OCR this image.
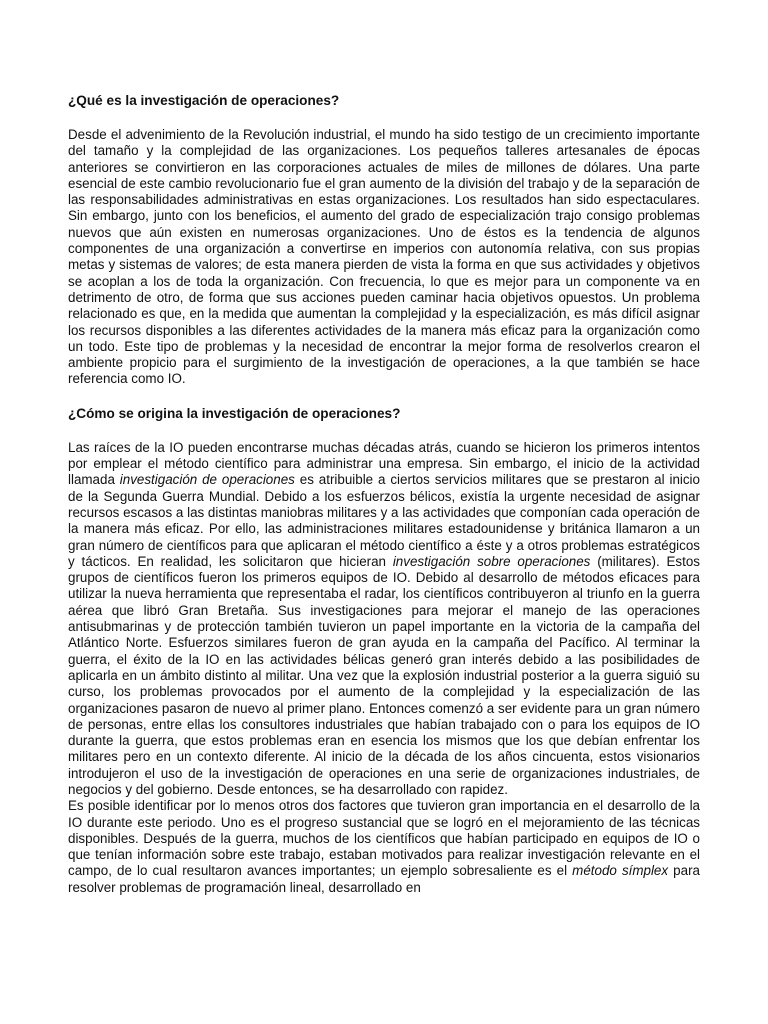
¿Qué es la investigación de operaciones?

Desde el advenimiento de la Revolución industrial, el mundo ha sido testigo de un crecimiento importante del tamaño y la complejidad de las organizaciones. Los pequeños talleres artesanales de épocas anteriores se convirtieron en las corporaciones actuales de miles de millones de dólares. Una parte esencial de este cambio revolucionario fue el gran aumento de la división del trabajo y de la separación de las responsabilidades administrativas en estas organizaciones. Los resultados han sido espectaculares. Sin embargo, junto con los beneficios, el aumento del grado de especialización trajo consigo problemas nuevos que aún existen en numerosas organizaciones. Uno de éstos es la tendencia de algunos componentes de una organización a convertirse en imperios con autonomía relativa, con sus propias metas y sistemas de valores; de esta manera pierden de vista la forma en que sus actividades y objetivos se acoplan a los de toda la organización. Con frecuencia, lo que es mejor para un componente va en detrimento de otro, de forma que sus acciones pueden caminar hacia objetivos opuestos. Un problema relacionado es que, en la medida que aumentan la complejidad y la especialización, es más difícil asignar los recursos disponibles a las diferentes actividades de la manera más eficaz para la organización como un todo. Este tipo de problemas y la necesidad de encontrar la mejor forma de resolverlos crearon el ambiente propicio para el surgimiento de la investigación de operaciones, a la que también se hace referencia como IO.

¿Cómo se origina la investigación de operaciones?

Las raíces de la IO pueden encontrarse muchas décadas atrás, cuando se hicieron los primeros intentos por emplear el método científico para administrar una empresa. Sin embargo, el inicio de la actividad llamada investigación de operaciones es atribuible a ciertos servicios militares que se prestaron al inicio de la Segunda Guerra Mundial. Debido a los esfuerzos bélicos, existía la urgente necesidad de asignar recursos escasos a las distintas maniobras militares y a las actividades que componían cada operación de la manera más eficaz. Por ello, las administraciones militares estadounidense y británica llamaron a un gran número de científicos para que aplicaran el método científico a éste y a otros problemas estratégicos y tácticos. En realidad, les solicitaron que hicieran investigación sobre operaciones (militares). Estos grupos de científicos fueron los primeros equipos de IO. Debido al desarrollo de métodos eficaces para utilizar la nueva herramienta que representaba el radar, los científicos contribuyeron al triunfo en la guerra aérea que libró Gran Bretaña. Sus investigaciones para mejorar el manejo de las operaciones antisubmarinas y de protección también tuvieron un papel importante en la victoria de la campaña del Atlántico Norte. Esfuerzos similares fueron de gran ayuda en la campaña del Pacífico. Al terminar la guerra, el éxito de la IO en las actividades bélicas generó gran interés debido a las posibilidades de aplicarla en un ámbito distinto al militar. Una vez que la explosión industrial posterior a la guerra siguió su curso, los problemas provocados por el aumento de la complejidad y la especialización de las organizaciones pasaron de nuevo al primer plano. Entonces comenzó a ser evidente para un gran número de personas, entre ellas los consultores industriales que habían trabajado con o para los equipos de IO durante la guerra, que estos problemas eran en esencia los mismos que los que debían enfrentar los militares pero en un contexto diferente. Al inicio de la década de los años cincuenta, estos visionarios introdujeron el uso de la investigación de operaciones en una serie de organizaciones industriales, de negocios y del gobierno. Desde entonces, se ha desarrollado con rapidez.

Es posible identificar por lo menos otros dos factores que tuvieron gran importancia en el desarrollo de la IO durante este periodo. Uno es el progreso sustancial que se logró en el mejoramiento de las técnicas disponibles. Después de la guerra, muchos de los científicos que habían participado en equipos de IO o que tenían información sobre este trabajo, estaban motivados para realizar investigación relevante en el campo, de lo cual resultaron avances importantes; un ejemplo sobresaliente es el método símplex para resolver problemas de programación lineal, desarrollado en
